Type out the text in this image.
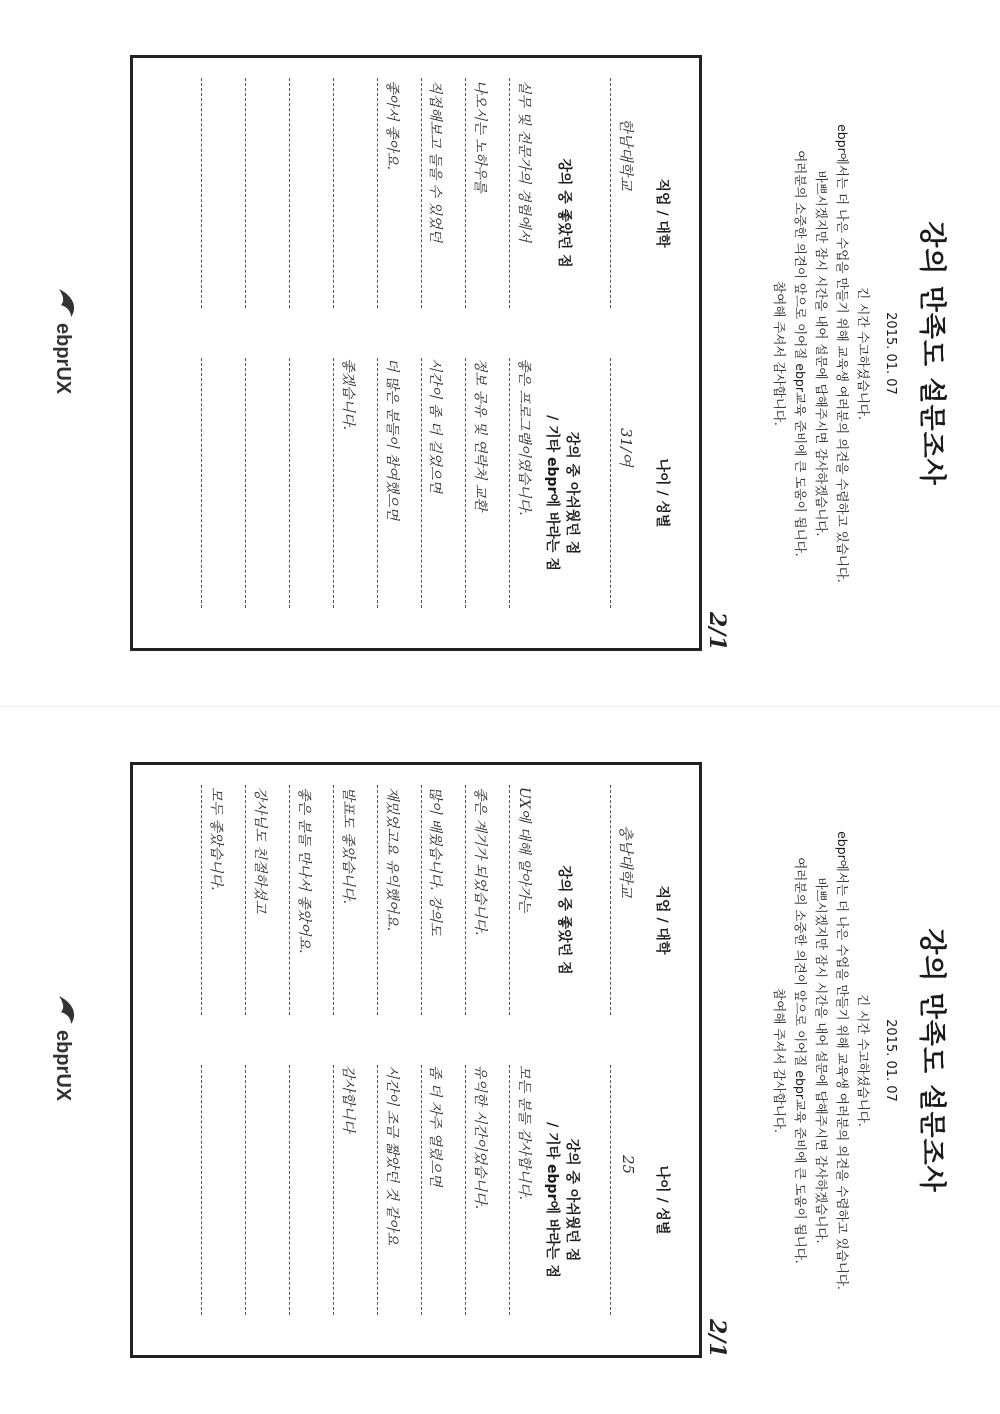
강의 만족도 설문조사
2015. 01. 07
긴 시간 수고하셨습니다.
ebpr에서는 더 나은 수업을 만들기 위해 교육생 여러분의 의견을 수렴하고 있습니다.
바쁘시겠지만 잠시 시간을 내어 설문에 답해주시면 감사하겠습니다.
여러분의 소중한 의견이 앞으로 이어질 ebpr교육 준비에 큰 도움이 됩니다.
참여해 주셔서 감사합니다.
2/1
직업 / 대학
나이 / 성별
한남대학교
31/여
강의 중 좋았던 점
강의 중 아쉬웠던 점
/ 기타 ebpr에 바라는 점
실무 및 전문가의 경험에서
나오시는 노하우를
직접해보고 들을 수 있었던
좋아서 좋아요.
좋은 프로그램이였습니다.
정보 공유 및 연락처 교환
시간이 좀 더 길었으면
더 많은 분들이 참여했으면
좋겠습니다.
ebprUX
강의 만족도 설문조사
2015. 01. 07
긴 시간 수고하셨습니다.
ebpr에서는 더 나은 수업을 만들기 위해 교육생 여러분의 의견을 수렴하고 있습니다.
바쁘시겠지만 잠시 시간을 내어 설문에 답해주시면 감사하겠습니다.
여러분의 소중한 의견이 앞으로 이어질 ebpr교육 준비에 큰 도움이 됩니다.
참여해 주셔서 감사합니다.
2/1
직업 / 대학
나이 / 성별
충남대학교
25
강의 중 좋았던 점
강의 중 아쉬웠던 점
/ 기타 ebpr에 바라는 점
UX에 대해 알아가는
좋은 계기가 되었습니다.
많이 배웠습니다. 강의도
재밌었고요 유익했어요.
발표도 좋았습니다.
좋은 분들 만나서 좋았어요.
강사님도 친절하셨고
모두 좋았습니다.
모든 분들 감사합니다.
유익한 시간이었습니다.
좀 더 자주 열렸으면
시간이 조금 짧았던 것 같아요
감사합니다
ebprUX
